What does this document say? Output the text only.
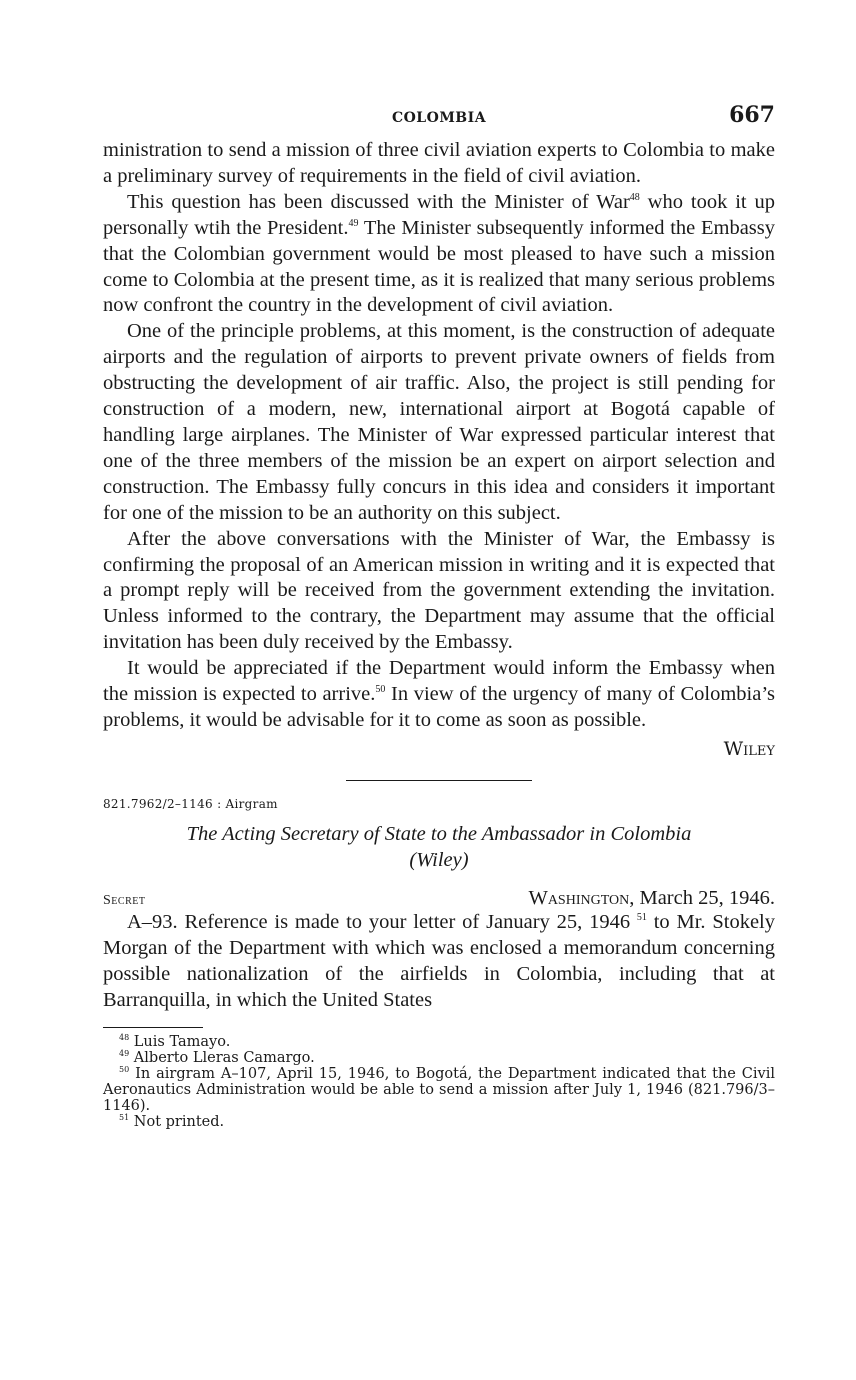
COLOMBIA	667

ministration to send a mission of three civil aviation experts to Colombia to make a preliminary survey of requirements in the field of civil aviation.

This question has been discussed with the Minister of War$^{48}$ who took it up personally wtih the President.$^{49}$ The Minister subsequently informed the Embassy that the Colombian government would be most pleased to have such a mission come to Colombia at the present time, as it is realized that many serious problems now confront the country in the development of civil aviation.

One of the principle problems, at this moment, is the construction of adequate airports and the regulation of airports to prevent private owners of fields from obstructing the development of air traffic. Also, the project is still pending for construction of a modern, new, international airport at Bogotá capable of handling large airplanes. The Minister of War expressed particular interest that one of the three members of the mission be an expert on airport selection and construction. The Embassy fully concurs in this idea and considers it important for one of the mission to be an authority on this subject.

After the above conversations with the Minister of War, the Embassy is confirming the proposal of an American mission in writing and it is expected that a prompt reply will be received from the government extending the invitation. Unless informed to the contrary, the Department may assume that the official invitation has been duly received by the Embassy.

It would be appreciated if the Department would inform the Embassy when the mission is expected to arrive.$^{50}$ In view of the urgency of many of Colombia’s problems, it would be advisable for it to come as soon as possible.

Wiley
821.7962/2–1146 : Airgram
The Acting Secretary of State to the Ambassador in Colombia
(Wiley)
Secret	Washington, March 25, 1946.

A–93. Reference is made to your letter of January 25, 1946 $^{51}$ to Mr. Stokely Morgan of the Department with which was enclosed a memorandum concerning possible nationalization of the airfields in Colombia, including that at Barranquilla, in which the United States

$^{48}$ Luis Tamayo.

$^{49}$ Alberto Lleras Camargo.

$^{50}$ In airgram A–107, April 15, 1946, to Bogotá, the Department indicated that the Civil Aeronautics Administration would be able to send a mission after July 1, 1946 (821.796/3–1146).

$^{51}$ Not printed.
